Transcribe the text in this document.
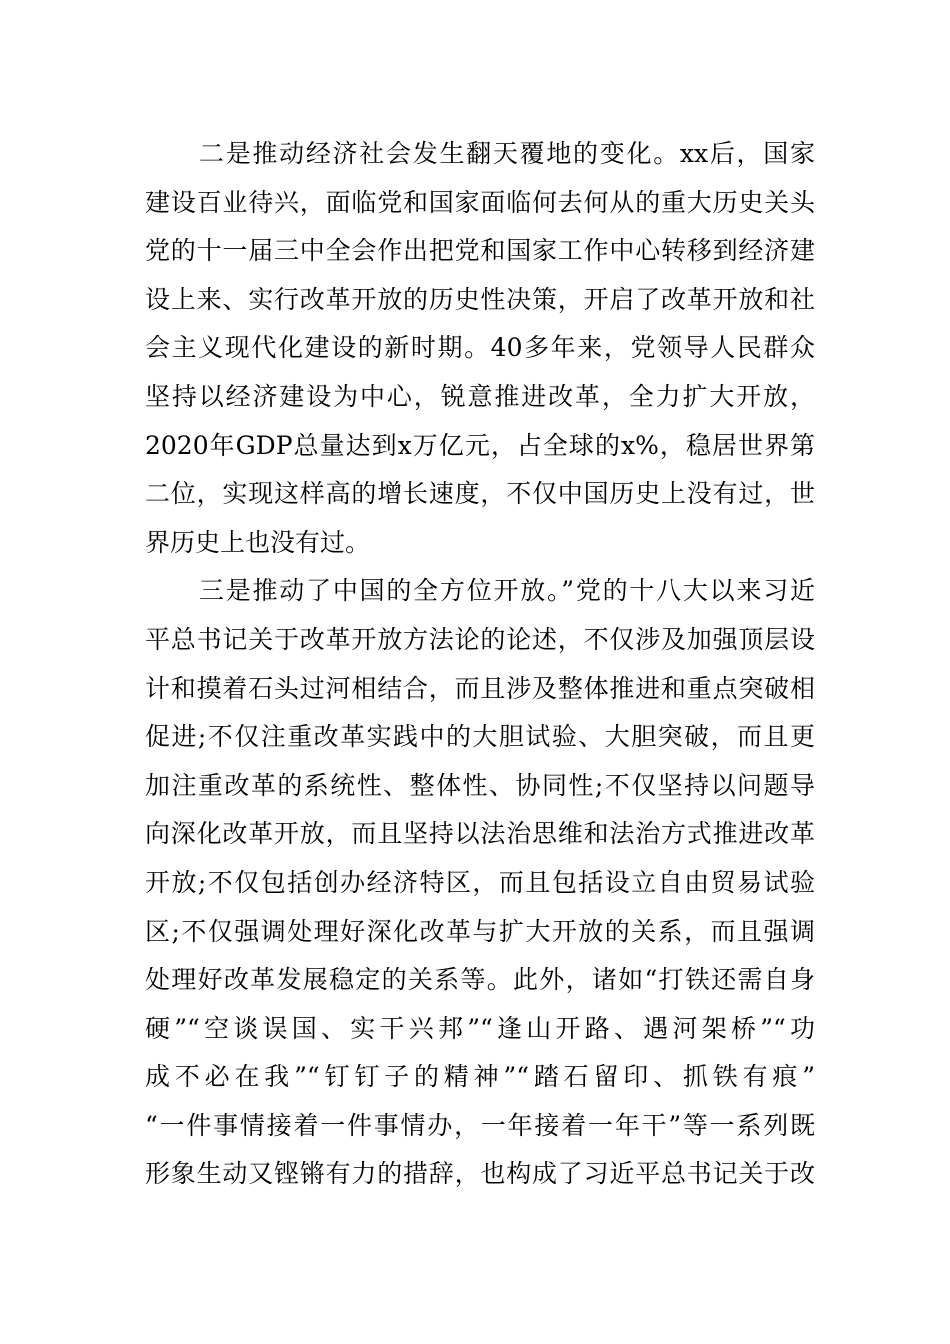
二是推动经济社会发生翻天覆地的变化。xx后，国家
建设百业待兴，面临党和国家面临何去何从的重大历史关头
党的十一届三中全会作出把党和国家工作中心转移到经济建
设上来、实行改革开放的历史性决策，开启了改革开放和社
会主义现代化建设的新时期。40多年来，党领导人民群众
坚持以经济建设为中心，锐意推进改革，全力扩大开放，
2020年GDP总量达到x万亿元，占全球的x%，稳居世界第
二位，实现这样高的增长速度，不仅中国历史上没有过，世
界历史上也没有过。
三是推动了中国的全方位开放。”党的十八大以来习近
平总书记关于改革开放方法论的论述，不仅涉及加强顶层设
计和摸着石头过河相结合，而且涉及整体推进和重点突破相
促进;不仅注重改革实践中的大胆试验、大胆突破，而且更
加注重改革的系统性、整体性、协同性;不仅坚持以问题导
向深化改革开放，而且坚持以法治思维和法治方式推进改革
开放;不仅包括创办经济特区，而且包括设立自由贸易试验
区;不仅强调处理好深化改革与扩大开放的关系，而且强调
处理好改革发展稳定的关系等。此外，诸如“打铁还需自身
硬”“空谈误国、实干兴邦”“逢山开路、遇河架桥”“功
成不必在我”“钉钉子的精神”“踏石留印、抓铁有痕”
“一件事情接着一件事情办，一年接着一年干”等一系列既
形象生动又铿锵有力的措辞，也构成了习近平总书记关于改
